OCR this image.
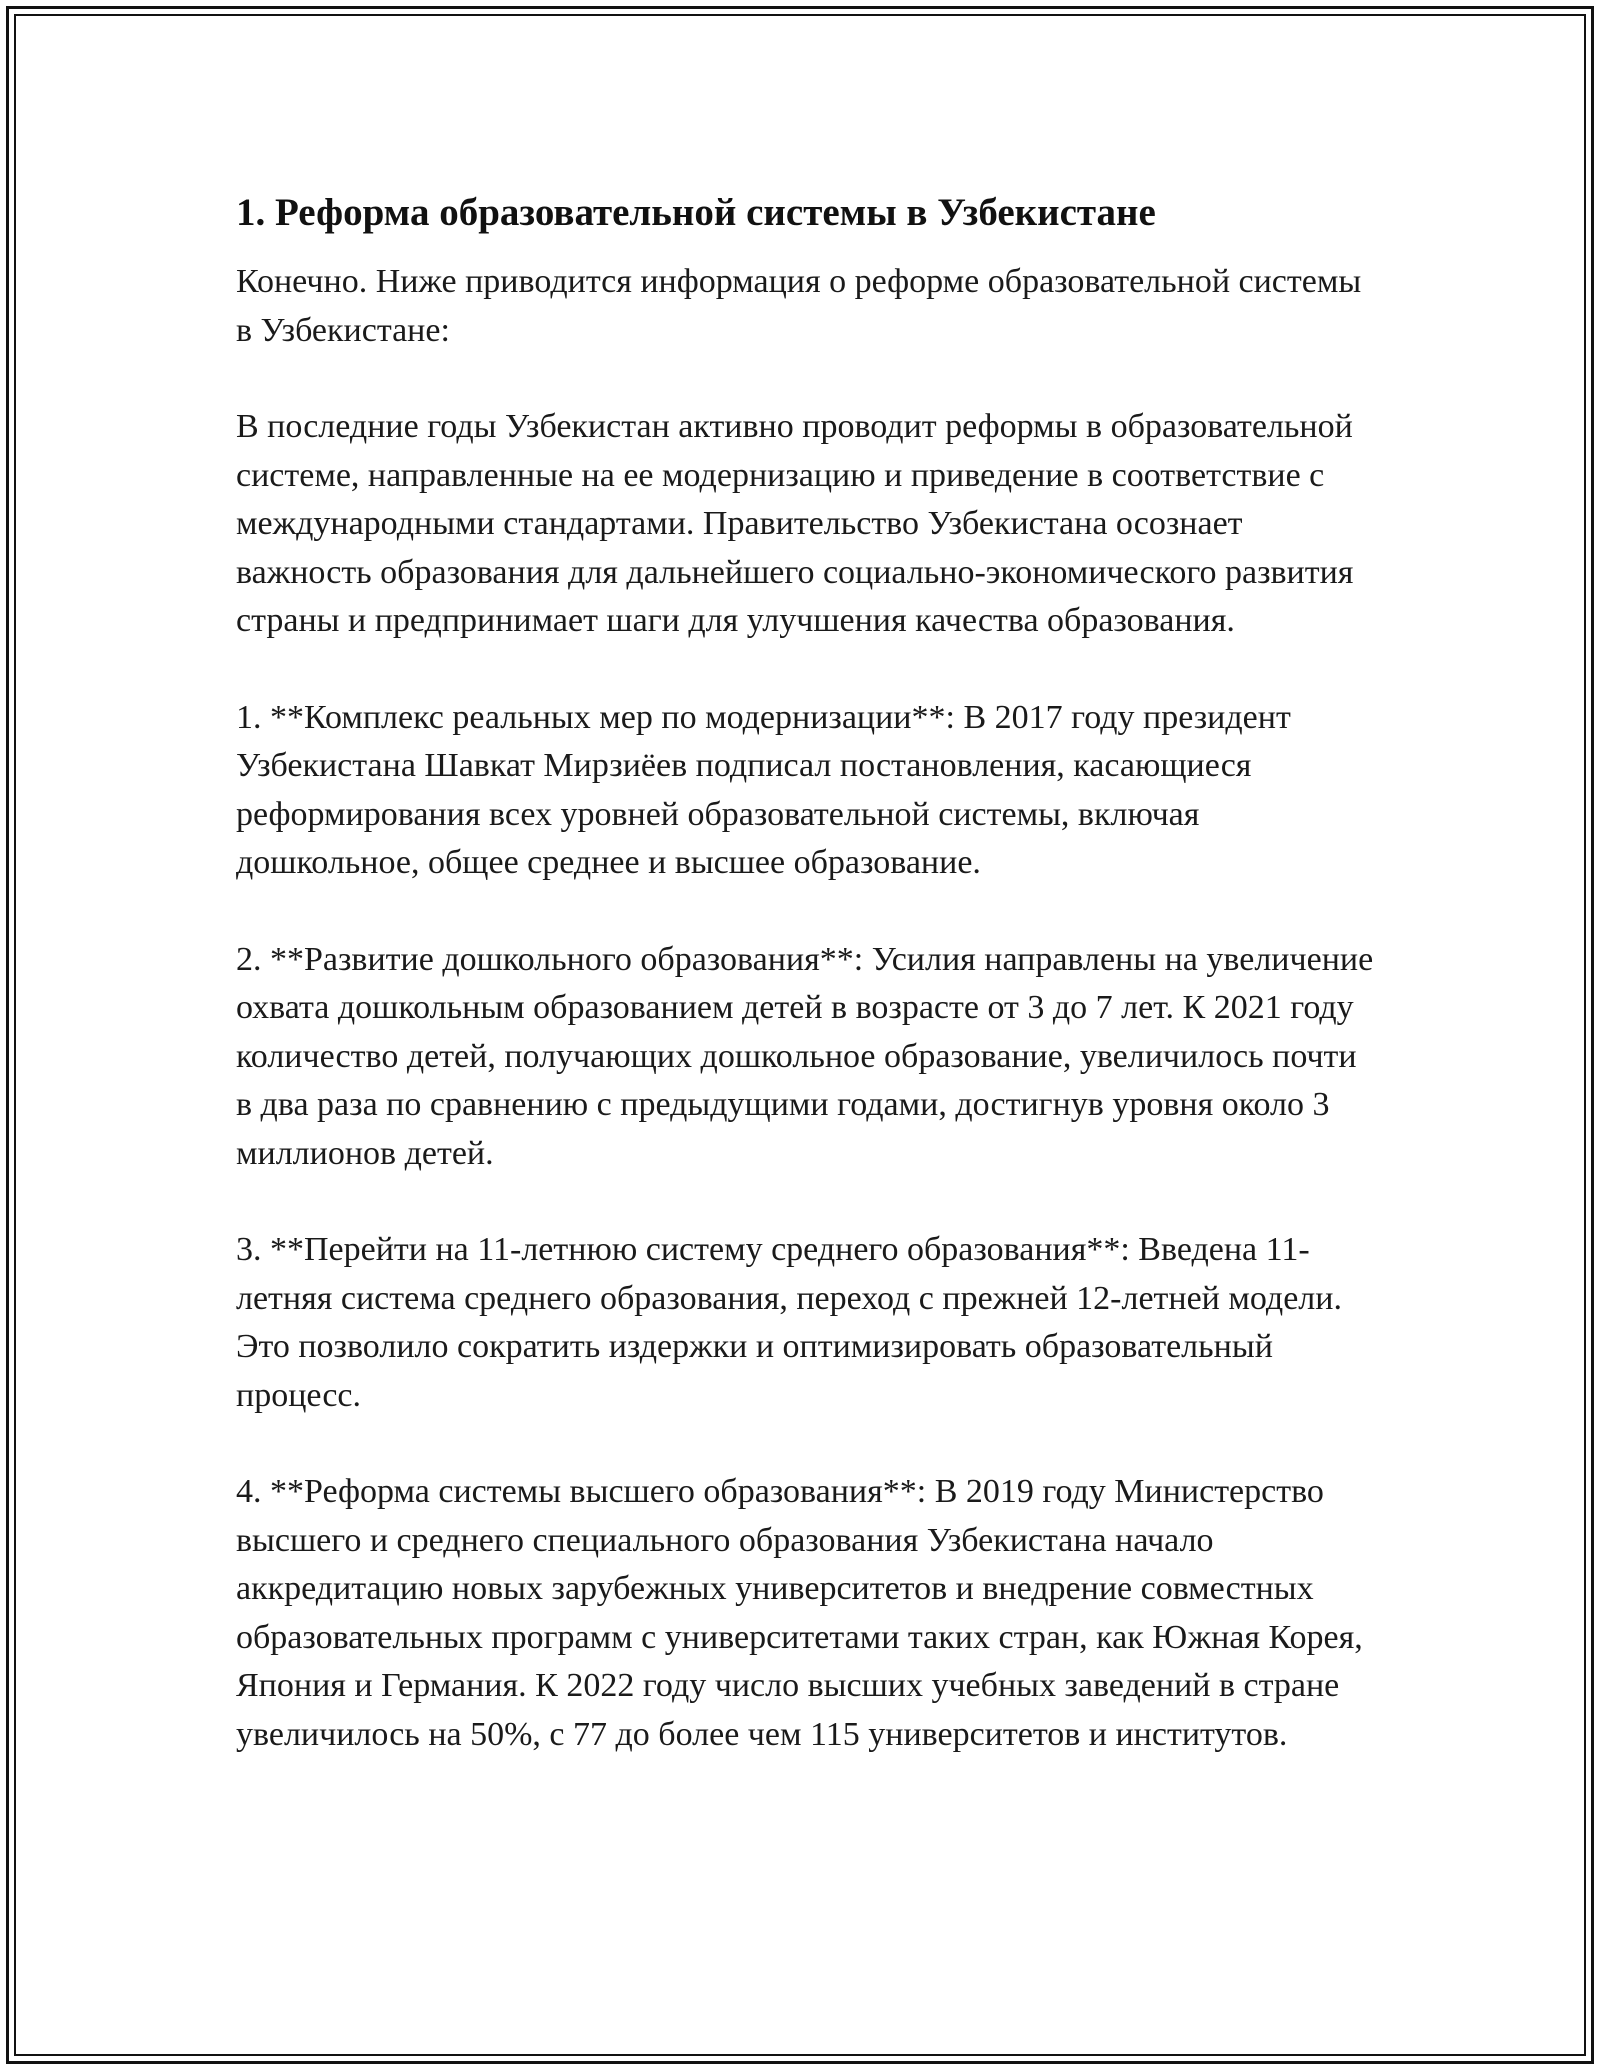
1. Реформа образовательной системы в Узбекистане

Конечно. Ниже приводится информация о реформе образовательной системы в Узбекистане:

В последние годы Узбекистан активно проводит реформы в образовательной системе, направленные на ее модернизацию и приведение в соответствие с международными стандартами. Правительство Узбекистана осознает важность образования для дальнейшего социально-экономического развития страны и предпринимает шаги для улучшения качества образования.

1. **Комплекс реальных мер по модернизации**: В 2017 году президент Узбекистана Шавкат Мирзиёев подписал постановления, касающиеся реформирования всех уровней образовательной системы, включая дошкольное, общее среднее и высшее образование.

2. **Развитие дошкольного образования**: Усилия направлены на увеличение охвата дошкольным образованием детей в возрасте от 3 до 7 лет. К 2021 году количество детей, получающих дошкольное образование, увеличилось почти в два раза по сравнению с предыдущими годами, достигнув уровня около 3 миллионов детей.

3. **Перейти на 11-летнюю систему среднего образования**: Введена 11-летняя система среднего образования, переход с прежней 12-летней модели. Это позволило сократить издержки и оптимизировать образовательный процесс.

4. **Реформа системы высшего образования**: В 2019 году Министерство высшего и среднего специального образования Узбекистана начало аккредитацию новых зарубежных университетов и внедрение совместных образовательных программ с университетами таких стран, как Южная Корея, Япония и Германия. К 2022 году число высших учебных заведений в стране увеличилось на 50%, с 77 до более чем 115 университетов и институтов.
